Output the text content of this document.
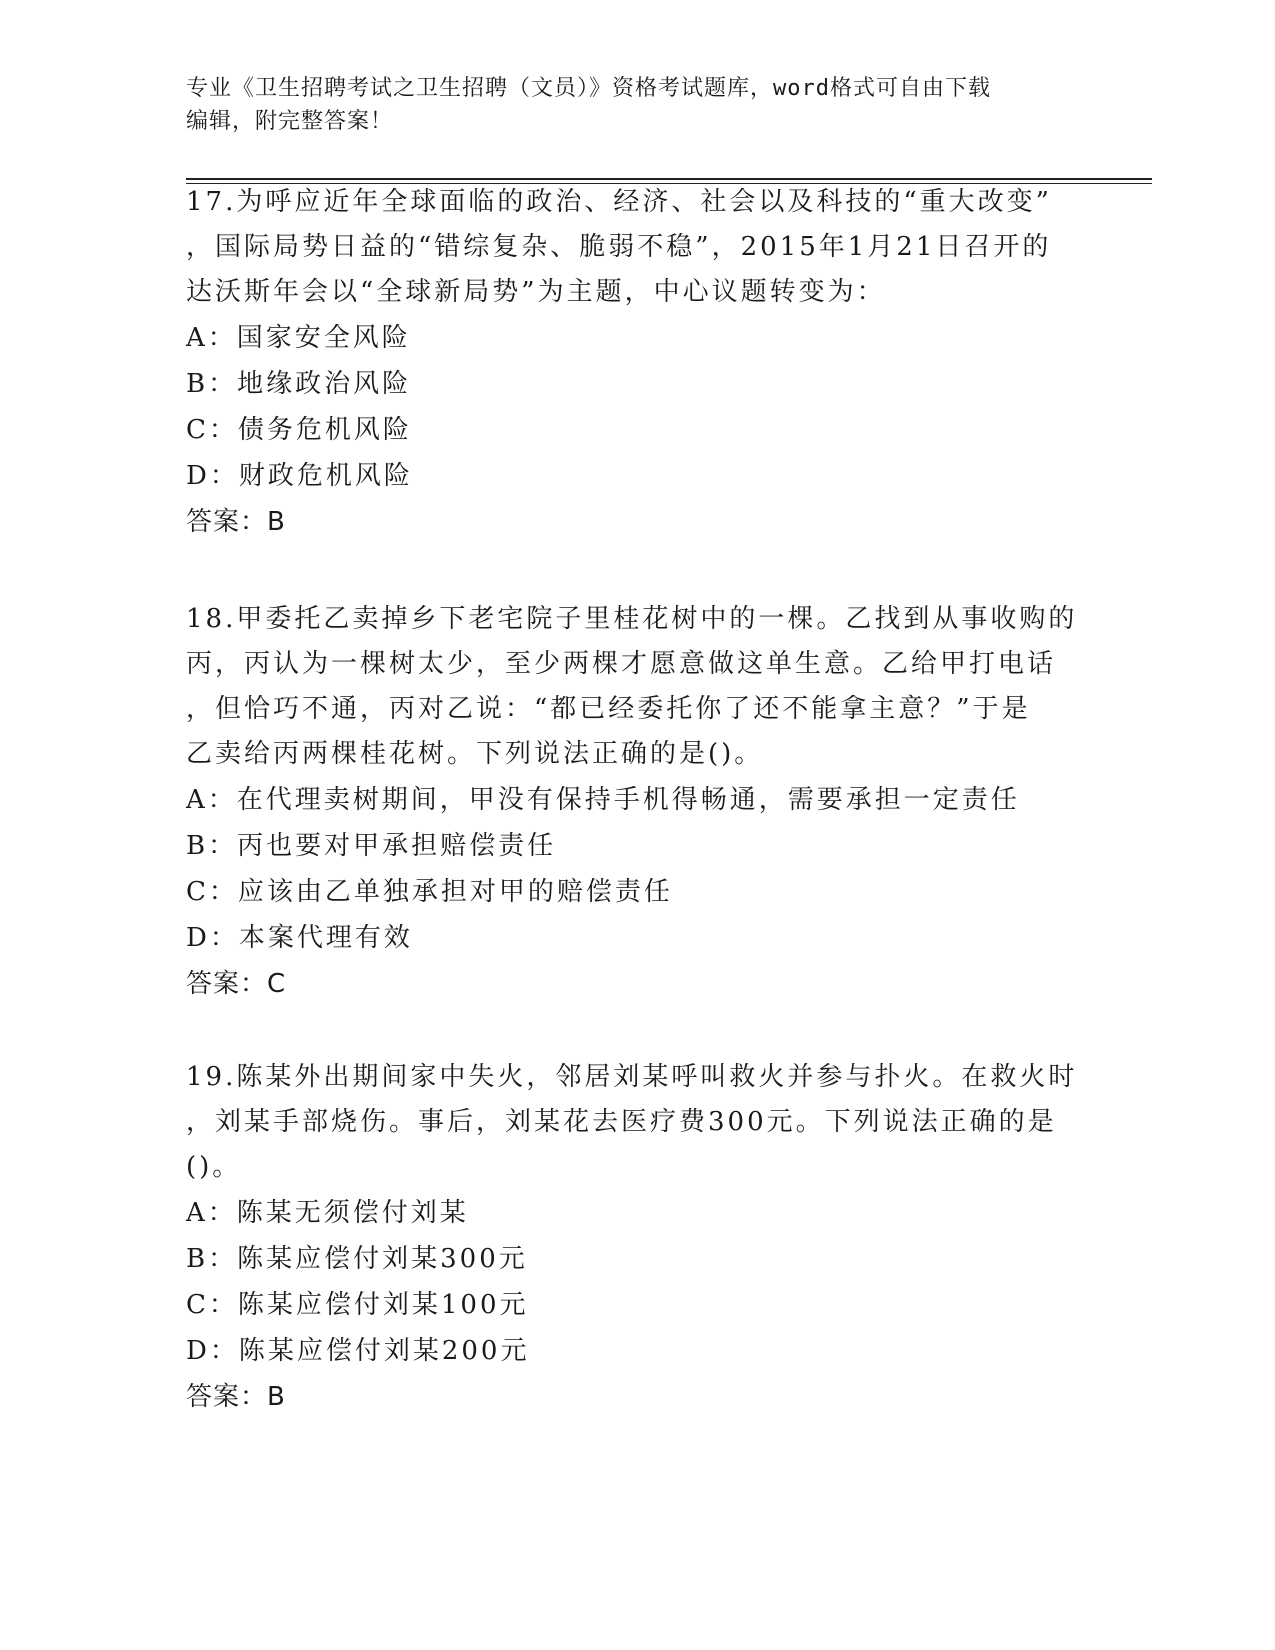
专业《卫生招聘考试之卫生招聘（文员）》资格考试题库，word格式可自由下载
编辑，附完整答案！
17.为呼应近年全球面临的政治、经济、社会以及科技的“重大改变”
，国际局势日益的“错综复杂、脆弱不稳”，2015年1月21日召开的
达沃斯年会以“全球新局势”为主题，中心议题转变为：
A：国家安全风险
B：地缘政治风险
C：债务危机风险
D：财政危机风险
答案：B
18.甲委托乙卖掉乡下老宅院子里桂花树中的一棵。乙找到从事收购的
丙，丙认为一棵树太少，至少两棵才愿意做这单生意。乙给甲打电话
，但恰巧不通，丙对乙说：“都已经委托你了还不能拿主意？”于是
乙卖给丙两棵桂花树。下列说法正确的是()。
A：在代理卖树期间，甲没有保持手机得畅通，需要承担一定责任
B：丙也要对甲承担赔偿责任
C：应该由乙单独承担对甲的赔偿责任
D：本案代理有效
答案：C
19.陈某外出期间家中失火，邻居刘某呼叫救火并参与扑火。在救火时
，刘某手部烧伤。事后，刘某花去医疗费300元。下列说法正确的是
()。
A：陈某无须偿付刘某
B：陈某应偿付刘某300元
C：陈某应偿付刘某100元
D：陈某应偿付刘某200元
答案：B
